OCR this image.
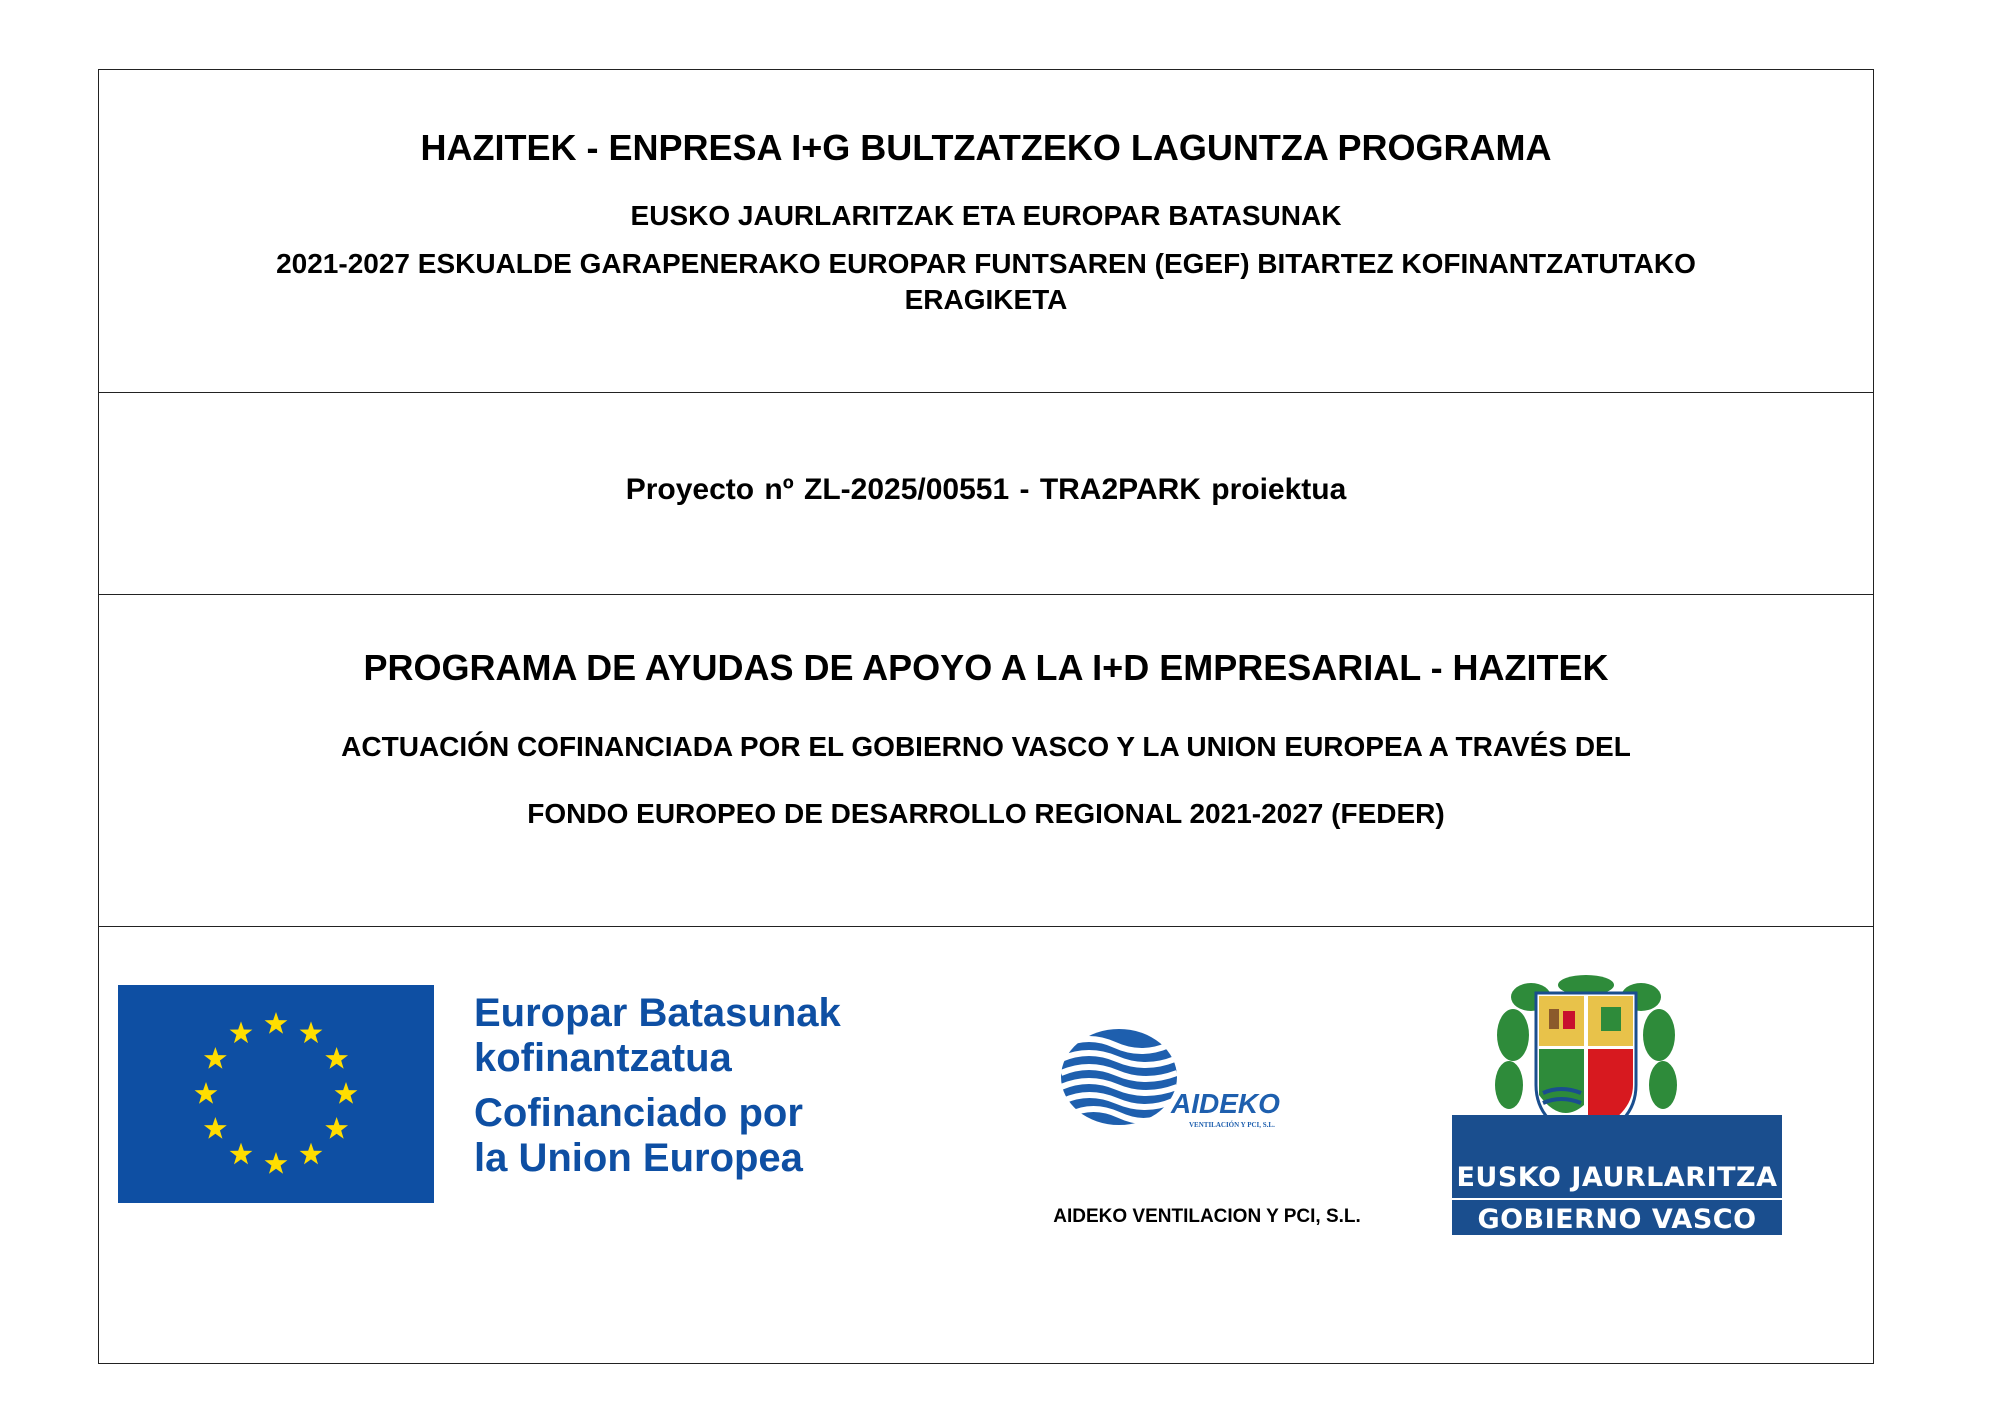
HAZITEK - ENPRESA I+G BULTZATZEKO LAGUNTZA PROGRAMA
EUSKO JAURLARITZAK ETA EUROPAR BATASUNAK
2021-2027 ESKUALDE GARAPENERAKO EUROPAR FUNTSAREN (EGEF) BITARTEZ KOFINANTZATUTAKO ERAGIKETA
Proyecto nº ZL-2025/00551 - TRA2PARK proiektua
PROGRAMA DE AYUDAS DE APOYO A LA I+D EMPRESARIAL - HAZITEK
ACTUACIÓN COFINANCIADA POR EL GOBIERNO VASCO Y LA UNION EUROPEA A TRAVÉS DEL
FONDO EUROPEO DE DESARROLLO REGIONAL 2021-2027 (FEDER)
Europar Batasunak
kofinantzatua
Cofinanciado por
la Union Europea
AIDEKO
VENTILACIÓN Y PCI, S.L.
AIDEKO VENTILACION Y PCI, S.L.
EUSKO JAURLARITZA
GOBIERNO VASCO
